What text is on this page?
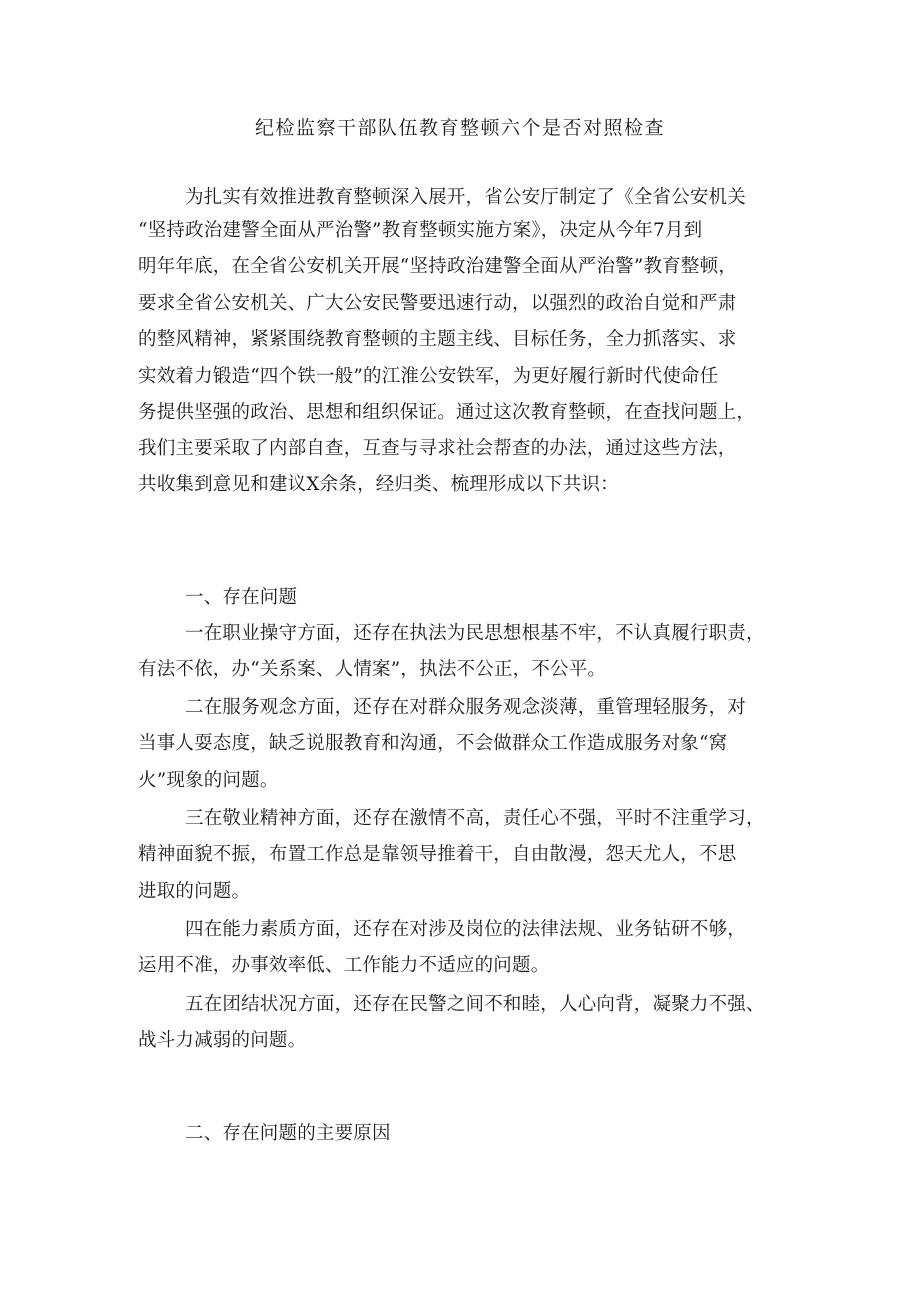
纪检监察干部队伍教育整顿六个是否对照检查
为扎实有效推进教育整顿深入展开，省公安厅制定了《全省公安机关
“坚持政治建警全面从严治警”教育整顿实施方案》，决定从今年7月到
明年年底，在全省公安机关开展“坚持政治建警全面从严治警”教育整顿，
要求全省公安机关、广大公安民警要迅速行动，以强烈的政治自觉和严肃
的整风精神，紧紧围绕教育整顿的主题主线、目标任务，全力抓落实、求
实效着力锻造“四个铁一般”的江淮公安铁军，为更好履行新时代使命任
务提供坚强的政治、思想和组织保证。通过这次教育整顿，在查找问题上，
我们主要采取了内部自查，互查与寻求社会帮查的办法，通过这些方法，
共收集到意见和建议X余条，经归类、梳理形成以下共识：
一、存在问题
一在职业操守方面，还存在执法为民思想根基不牢，不认真履行职责，
有法不依，办“关系案、人情案”，执法不公正，不公平。
二在服务观念方面，还存在对群众服务观念淡薄，重管理轻服务，对
当事人耍态度，缺乏说服教育和沟通，不会做群众工作造成服务对象“窝
火”现象的问题。
三在敬业精神方面，还存在激情不高，责任心不强，平时不注重学习，
精神面貌不振，布置工作总是靠领导推着干，自由散漫，怨天尤人，不思
进取的问题。
四在能力素质方面，还存在对涉及岗位的法律法规、业务钻研不够，
运用不准，办事效率低、工作能力不适应的问题。
五在团结状况方面，还存在民警之间不和睦，人心向背，凝聚力不强、
战斗力减弱的问题。
二、存在问题的主要原因
